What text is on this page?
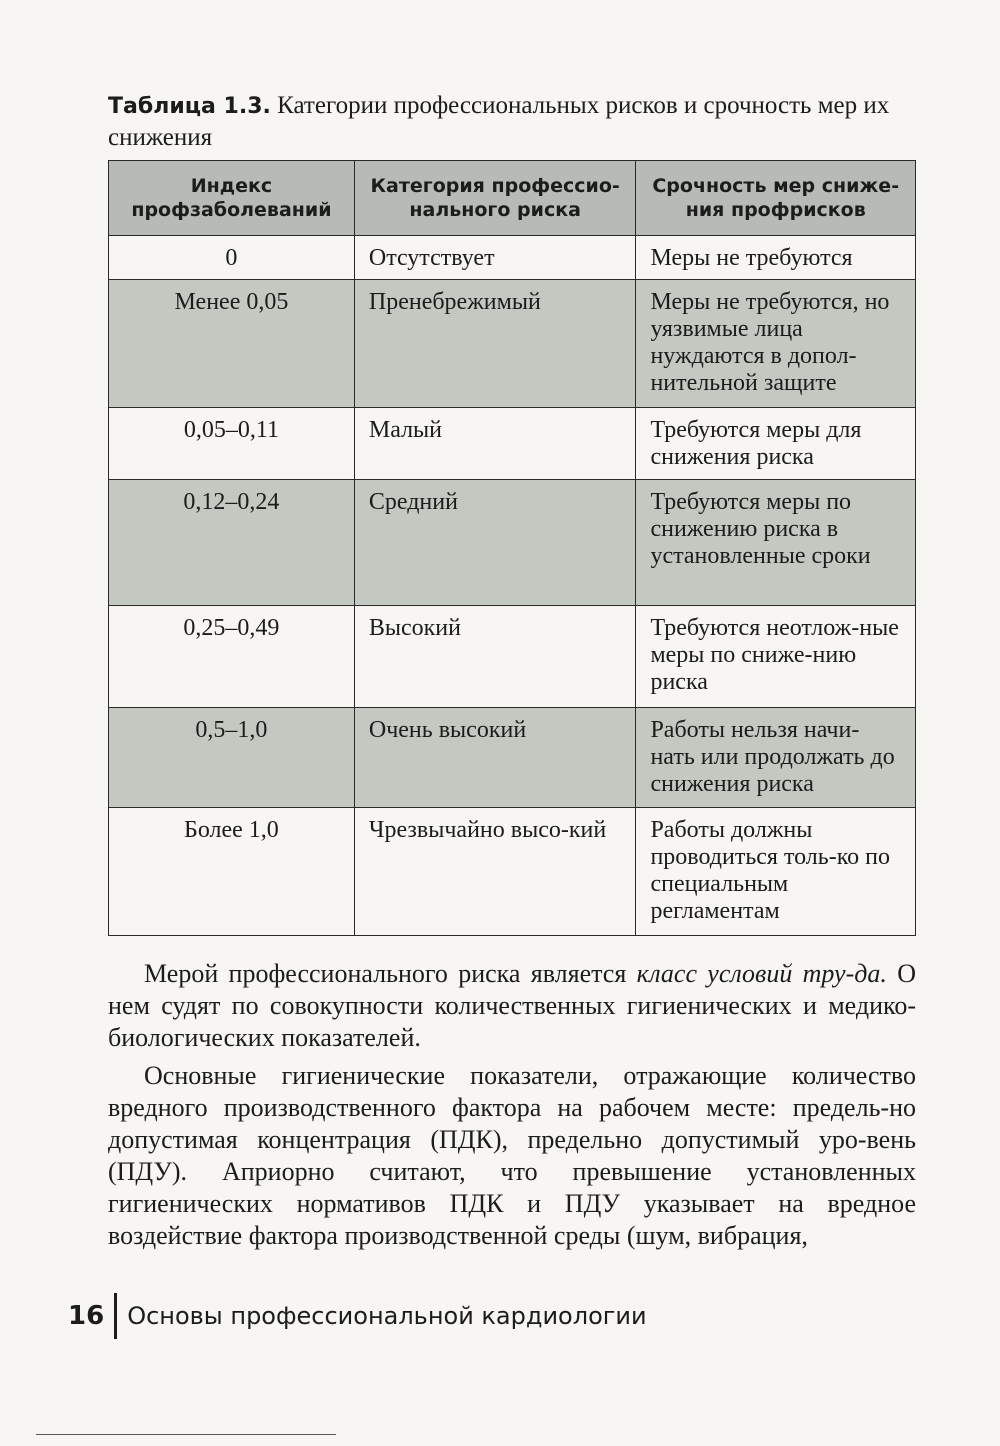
Таблица 1.3. Категории профессиональных рисков и срочность мер их снижения
Индекс профзаболеваний	Категория профессио-нального риска	Срочность мер сниже-ния профрисков
0	Отсутствует	Меры не требуются
Менее 0,05	Пренебрежимый	Меры не требуются, но уязвимые лица нуждаются в допол-нительной защите
0,05–0,11	Малый	Требуются меры для снижения риска
0,12–0,24	Средний	Требуются меры по снижению риска в установленные сроки
0,25–0,49	Высокий	Требуются неотлож-ные меры по сниже-нию риска
0,5–1,0	Очень высокий	Работы нельзя начи-нать или продолжать до снижения риска
Более 1,0	Чрезвычайно высо-кий	Работы должны проводиться толь-ко по специальным регламентам

Мерой профессионального риска является класс условий тру-да. О нем судят по совокупности количественных гигиенических и медико-биологических показателей.

Основные гигиенические показатели, отражающие количество вредного производственного фактора на рабочем месте: предель-но допустимая концентрация (ПДК), предельно допустимый уро-вень (ПДУ). Априорно считают, что превышение установленных гигиенических нормативов ПДК и ПДУ указывает на вредное воздействие фактора производственной среды (шум, вибрация,

16 Основы профессиональной кардиологии
